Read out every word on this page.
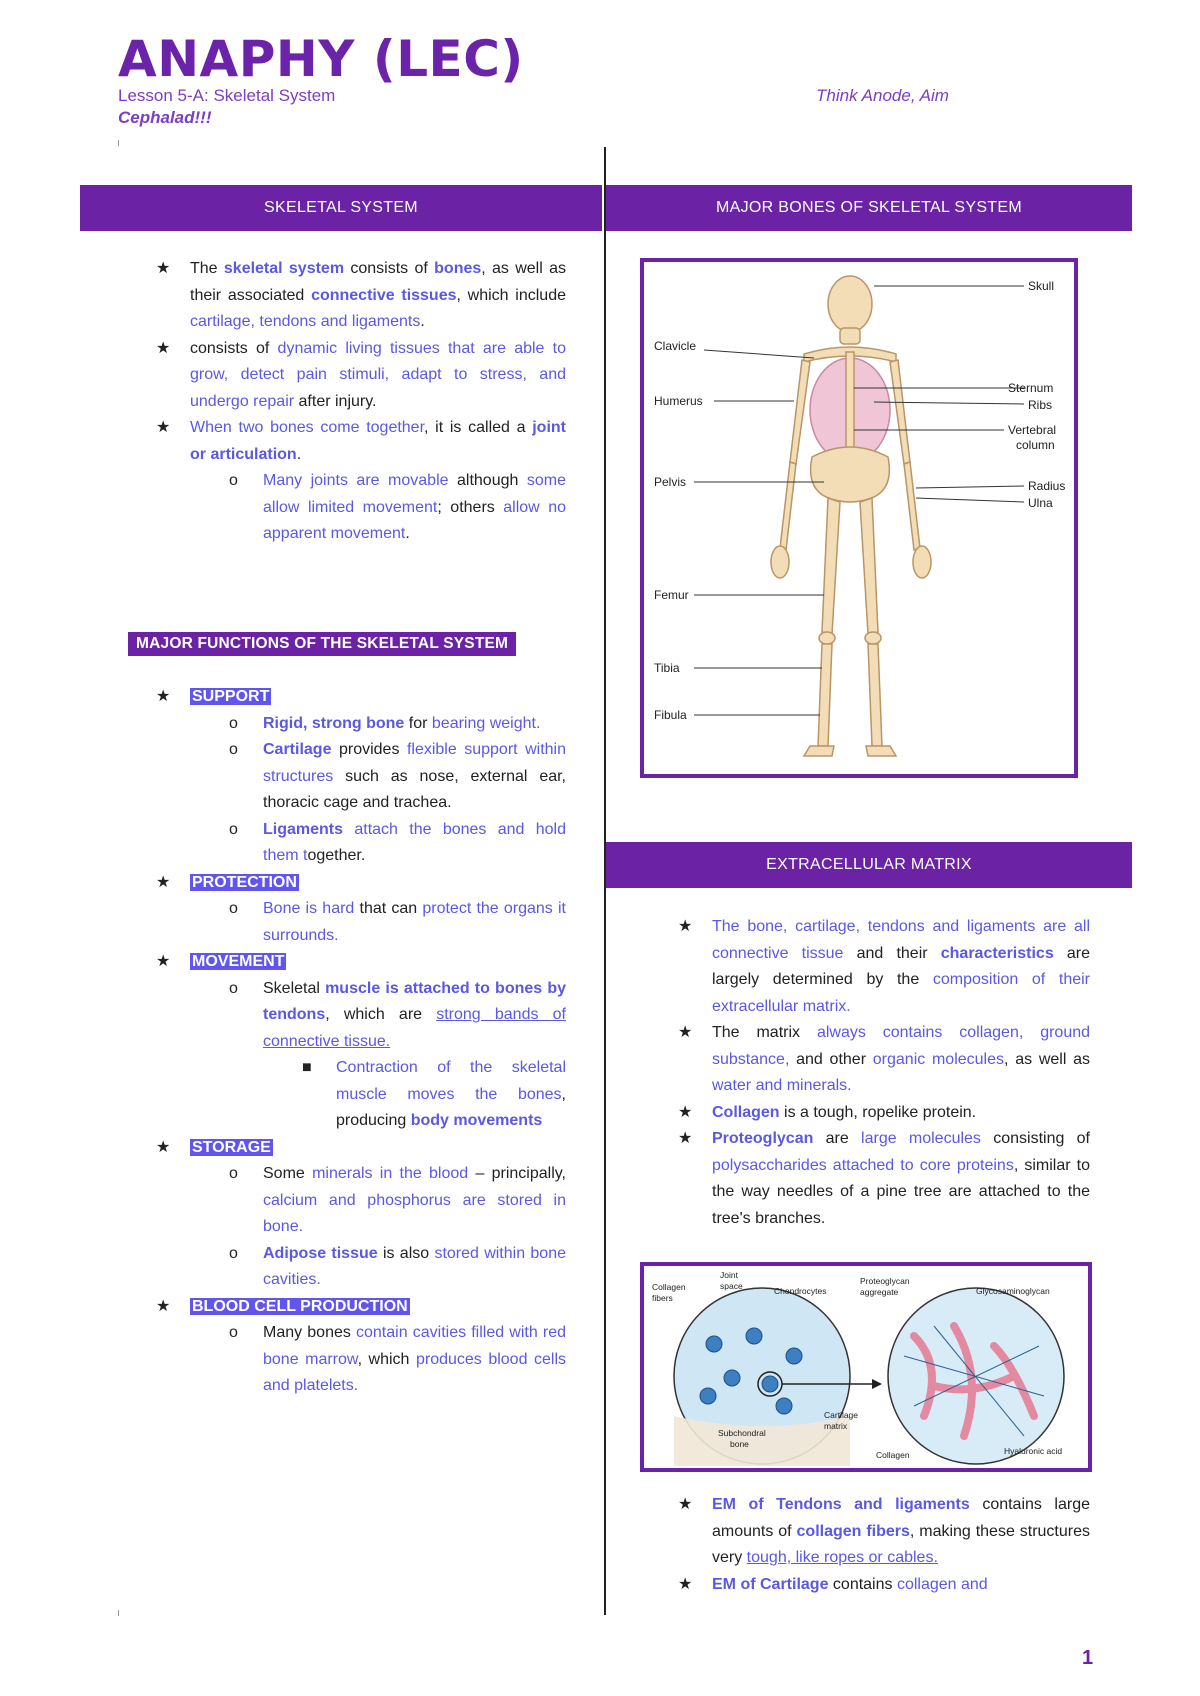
ANAPHY (LEC)
Lesson 5-A: Skeletal System
Cephalad!!!
Think Anode, Aim
SKELETAL SYSTEM	MAJOR BONES OF SKELETAL SYSTEM
EXTRACELLULAR MATRIX
★ The skeletal system consists of bones, as well as their associated connective tissues, which include cartilage, tendons and ligaments.
★ consists of dynamic living tissues that are able to grow, detect pain stimuli, adapt to stress, and undergo repair after injury.
★ When two bones come together, it is called a joint or articulation.
o Many joints are movable although some allow limited movement; others allow no apparent movement.
MAJOR FUNCTIONS OF THE SKELETAL SYSTEM
★ SUPPORT
o Rigid, strong bone for bearing weight.
o Cartilage provides flexible support within structures such as nose, external ear, thoracic cage and trachea.
o Ligaments attach the bones and hold them together.
★ PROTECTION
o Bone is hard that can protect the organs it surrounds.
★ MOVEMENT
o Skeletal muscle is attached to bones by tendons, which are strong bands of connective tissue.
■ Contraction of the skeletal muscle moves the bones, producing body movements
★ STORAGE
o Some minerals in the blood – principally, calcium and phosphorus are stored in bone.
o Adipose tissue is also stored within bone cavities.
★ BLOOD CELL PRODUCTION
o Many bones contain cavities filled with red bone marrow, which produces blood cells and platelets.
Skull
Clavicle
Humerus
Sternum
Ribs
Vertebral
column
Pelvis	Radius
Ulna
Femur
Tibia
Fibula
★ The bone, cartilage, tendons and ligaments are all connective tissue and their characteristics are largely determined by the composition of their extracellular matrix.
★ The matrix always contains collagen, ground substance, and other organic molecules, as well as water and minerals.
★ Collagen is a tough, ropelike protein.
★ Proteoglycan are large molecules consisting of polysaccharides attached to core proteins, similar to the way needles of a pine tree are attached to the tree's branches.
Collagen
fibers
Joint
space	Chondrocytes
Proteoglycan
aggregate	Glycosaminoglycan
Cartilage
matrix
Subchondral
bone
Collagen	Hyaluronic acid
★ EM of Tendons and ligaments contains large amounts of collagen fibers, making these structures very tough, like ropes or cables.
★ EM of Cartilage contains collagen and
1
